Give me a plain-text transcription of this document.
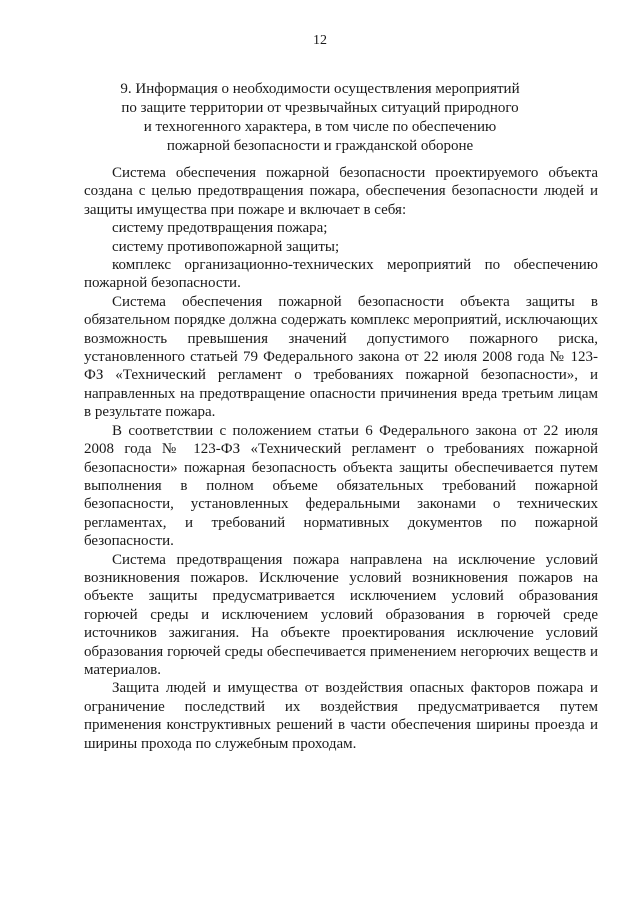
12
9. Информация о необходимости осуществления мероприятий
по защите территории от чрезвычайных ситуаций природного
и техногенного характера, в том числе по обеспечению
пожарной безопасности и гражданской обороне

Система обеспечения пожарной безопасности проектируемого объекта создана с целью предотвращения пожара, обеспечения безопасности людей и защиты имущества при пожаре и включает в себя:

систему предотвращения пожара;

систему противопожарной защиты;

комплекс организационно-технических мероприятий по обеспечению пожарной безопасности.

Система обеспечения пожарной безопасности объекта защиты в обязательном порядке должна содержать комплекс мероприятий, исключающих возможность превышения значений допустимого пожарного риска, установленного статьей 79 Федерального закона от 22 июля 2008 года № 123-ФЗ «Технический регламент о требованиях пожарной безопасности», и направленных на предотвращение опасности причинения вреда третьим лицам в результате пожара.

В соответствии с положением статьи 6 Федерального закона от 22 июля 2008 года № 123-ФЗ «Технический регламент о требованиях пожарной безопасности» пожарная безопасность объекта защиты обеспечивается путем выполнения в полном объеме обязательных требований пожарной безопасности, установленных федеральными законами о технических регламентах, и требований нормативных документов по пожарной безопасности.

Система предотвращения пожара направлена на исключение условий возникновения пожаров. Исключение условий возникновения пожаров на объекте защиты предусматривается исключением условий образования горючей среды и исключением условий образования в горючей среде источников зажигания. На объекте проектирования исключение условий образования горючей среды обеспечивается применением негорючих веществ и материалов.

Защита людей и имущества от воздействия опасных факторов пожара и ограничение последствий их воздействия предусматривается путем применения конструктивных решений в части обеспечения ширины проезда и ширины прохода по служебным проходам.
